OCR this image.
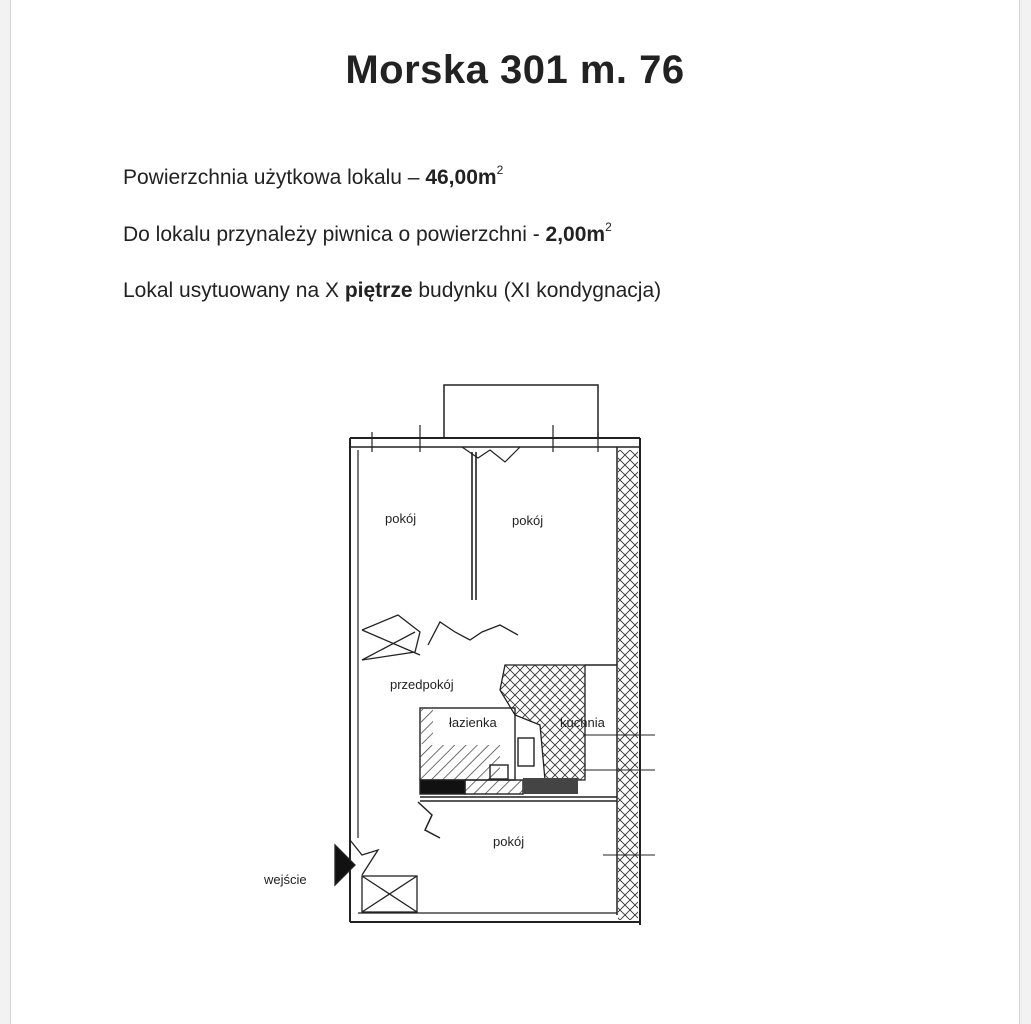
Morska 301 m. 76
Powierzchnia użytkowa lokalu – $46,00m^2$
Do lokalu przynależy piwnica o powierzchni - $2,00m^2$
Lokal usytuowany na X piętrze budynku (XI kondygnacja)
pokój	pokój
przedpokój
łazienka	kuchnia
pokój
wejście
